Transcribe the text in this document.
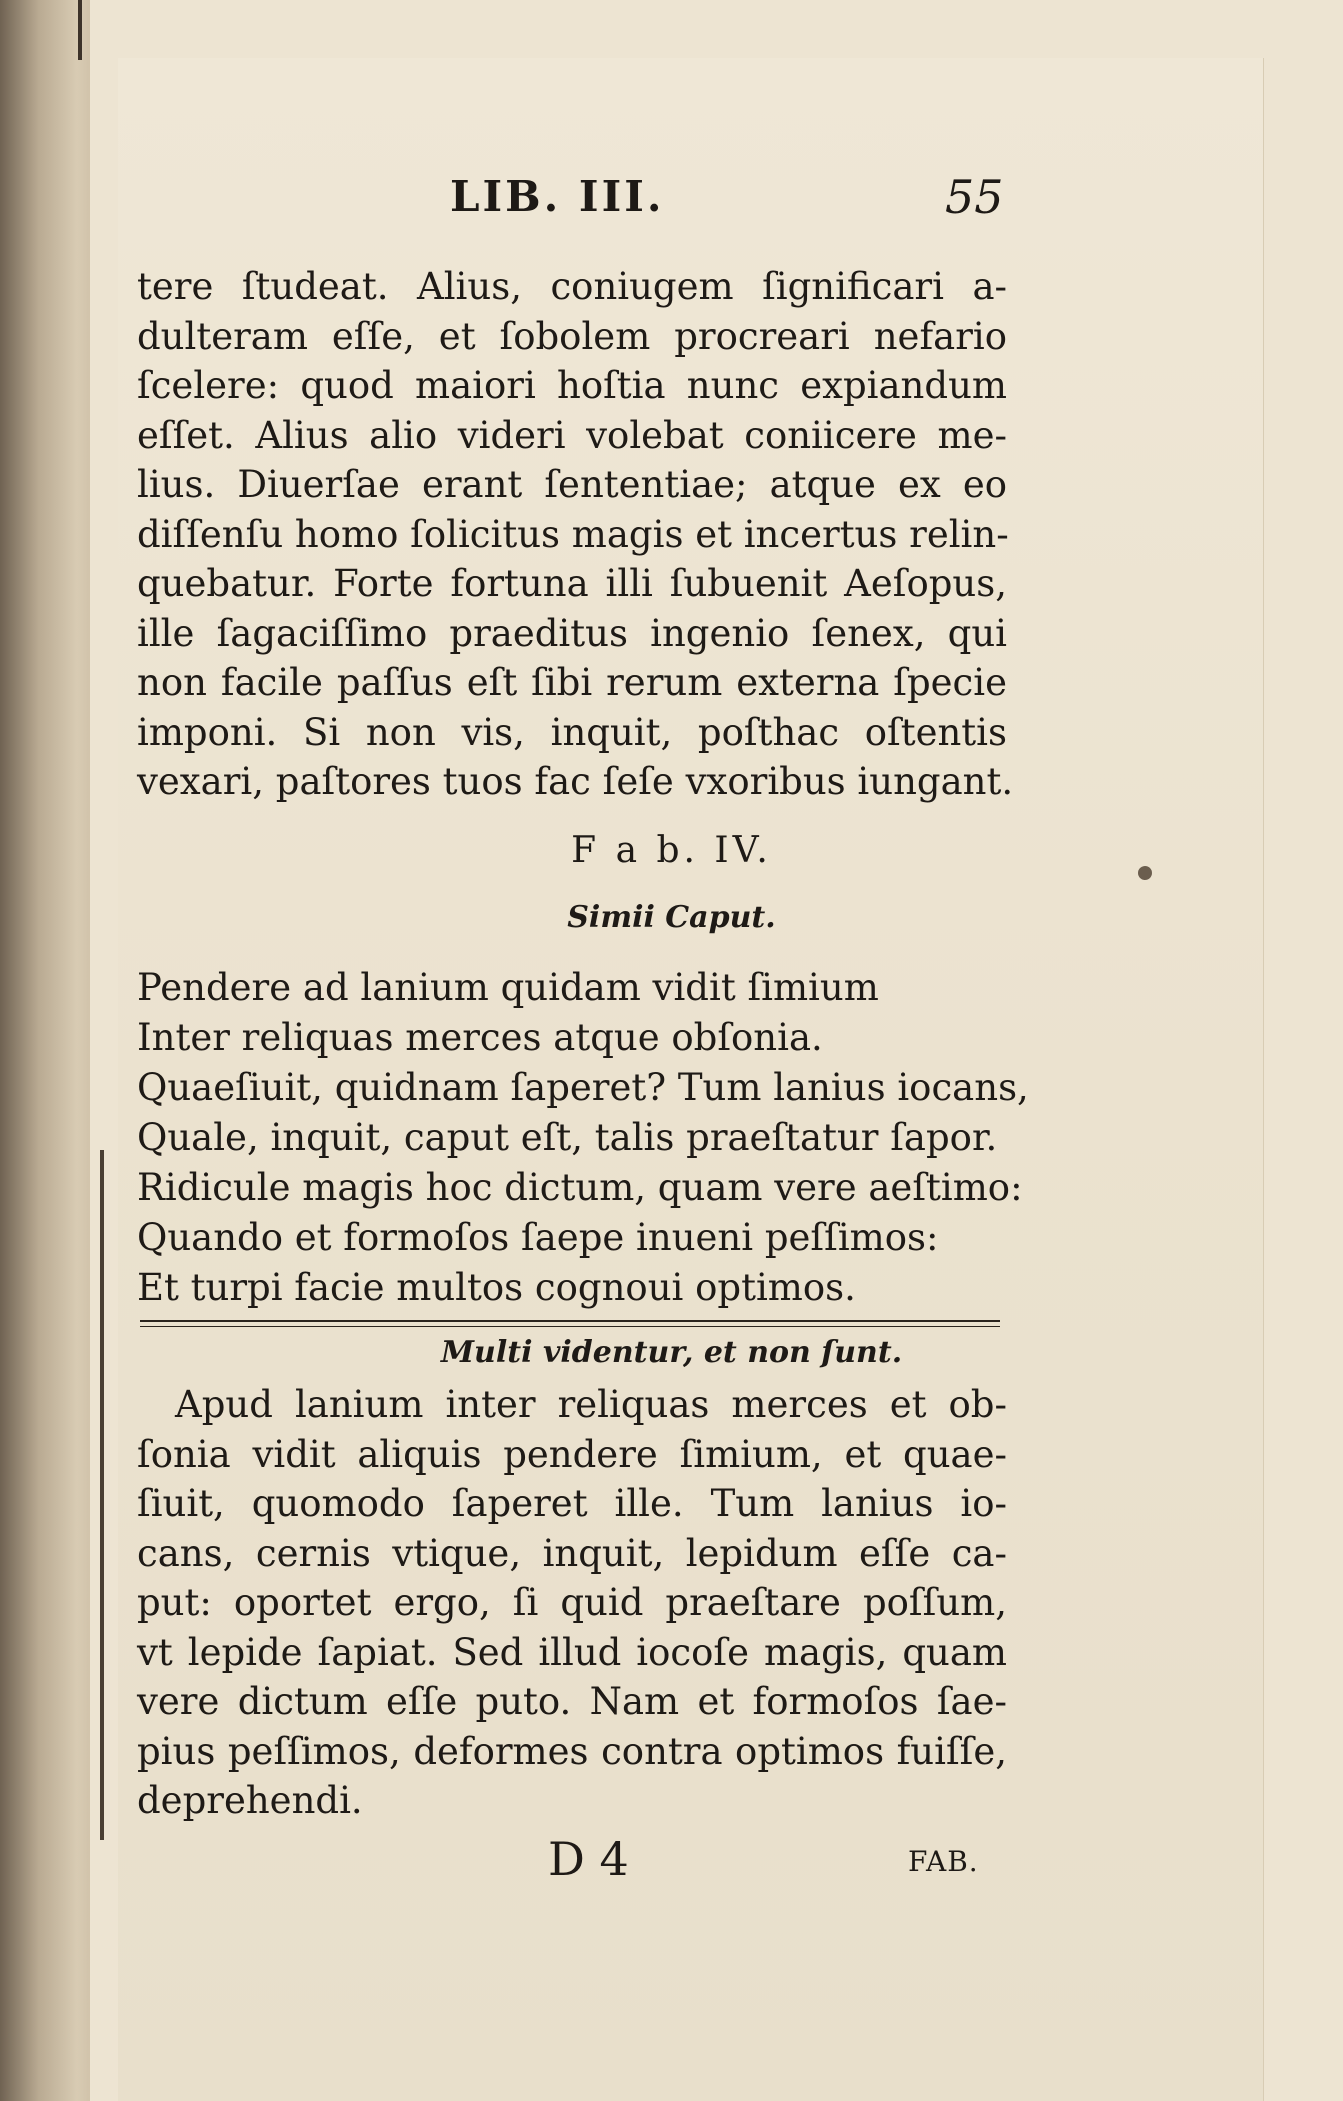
LIB. III.	55
tere ſtudeat. Alius, coniugem ſignificari a-
dulteram eſſe, et ſobolem procreari nefario
ſcelere: quod maiori hoſtia nunc expiandum
eſſet. Alius alio videri volebat coniicere me-
lius. Diuerſae erant ſententiae; atque ex eo
diſſenſu homo ſolicitus magis et incertus relin-
quebatur. Forte fortuna illi ſubuenit Aeſopus,
ille ſagaciſſimo praeditus ingenio ſenex, qui
non facile paſſus eſt ſibi rerum externa ſpecie
imponi. Si non vis, inquit, poſthac oſtentis
vexari, paſtores tuos fac ſeſe vxoribus iungant.
F a b. IV.
Simii Caput.
Pendere ad lanium quidam vidit ſimium
Inter reliquas merces atque obſonia.
Quaeſiuit, quidnam ſaperet? Tum lanius iocans,
Quale, inquit, caput eſt, talis praeſtatur ſapor.
Ridicule magis hoc dictum, quam vere aeſtimo:
Quando et formoſos ſaepe inueni peſſimos:
Et turpi facie multos cognoui optimos.
Multi videntur, et non ſunt.
Apud lanium inter reliquas merces et ob-
ſonia vidit aliquis pendere ſimium, et quae-
ſiuit, quomodo ſaperet ille. Tum lanius io-
cans, cernis vtique, inquit, lepidum eſſe ca-
put: oportet ergo, ſi quid praeſtare poſſum,
vt lepide ſapiat. Sed illud iocoſe magis, quam
vere dictum eſſe puto. Nam et formoſos ſae-
pius peſſimos, deformes contra optimos fuiſſe,
deprehendi.
D 4	FAB.
